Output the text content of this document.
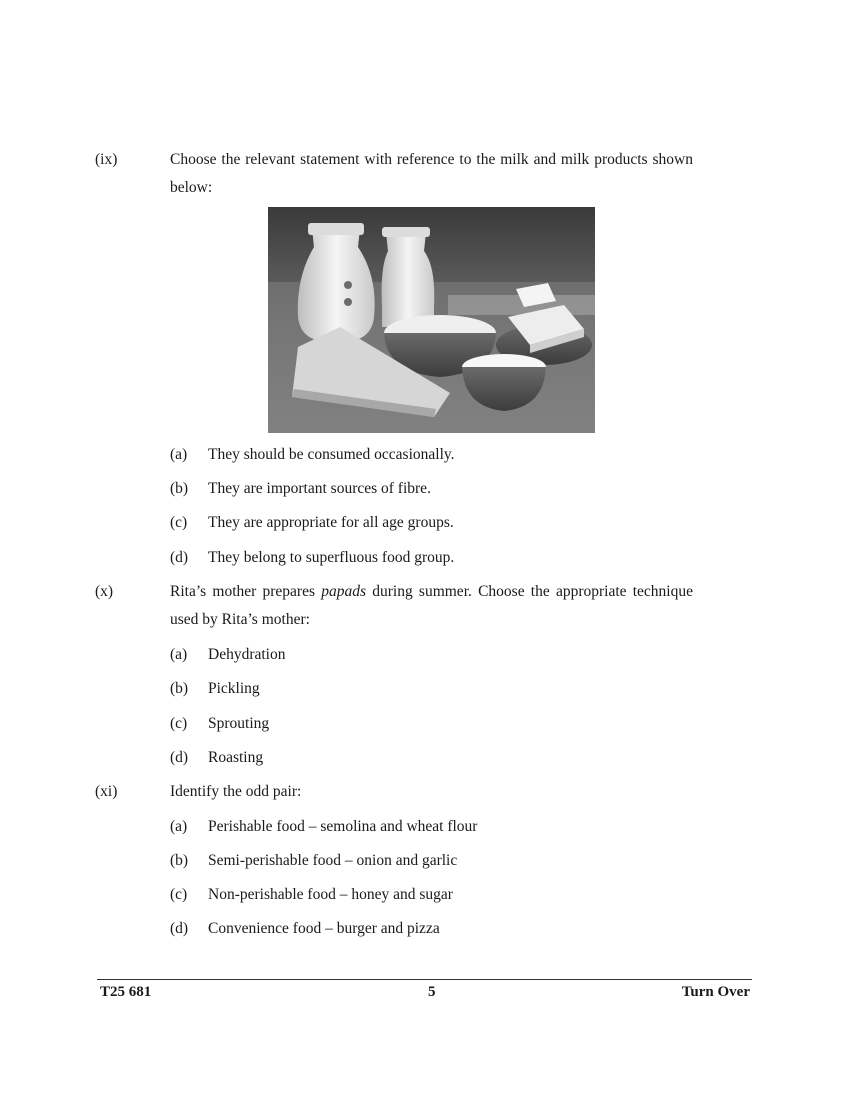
(ix)	Choose the relevant statement with reference to the milk and milk products shown below:
(a) They should be consumed occasionally.
(b) They are important sources of fibre.
(c) They are appropriate for all age groups.
(d) They belong to superfluous food group.
(x)	Rita’s mother prepares papads during summer. Choose the appropriate technique used by Rita’s mother:
(a) Dehydration
(b) Pickling
(c) Sprouting
(d) Roasting
(xi)	Identify the odd pair:
(a) Perishable food – semolina and wheat flour
(b) Semi-perishable food – onion and garlic
(c) Non-perishable food – honey and sugar
(d) Convenience food – burger and pizza
T25 681	5	Turn Over
